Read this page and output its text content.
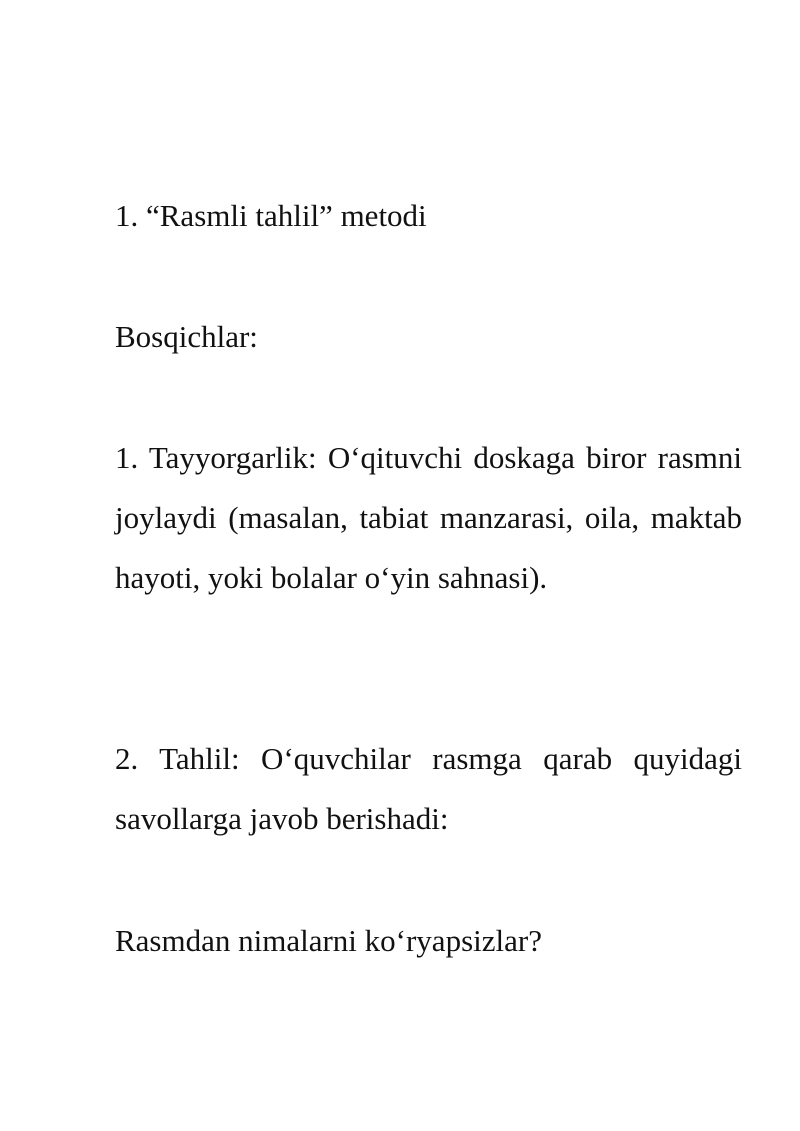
1. “Rasmli tahlil” metodi

Bosqichlar:

1. Tayyorgarlik: O‘qituvchi doskaga biror rasmni joylaydi (masalan, tabiat manzarasi, oila, maktab hayoti, yoki bolalar o‘yin sahnasi).

2. Tahlil: O‘quvchilar rasmga qarab quyidagi savollarga javob berishadi:

Rasmdan nimalarni ko‘ryapsizlar?
